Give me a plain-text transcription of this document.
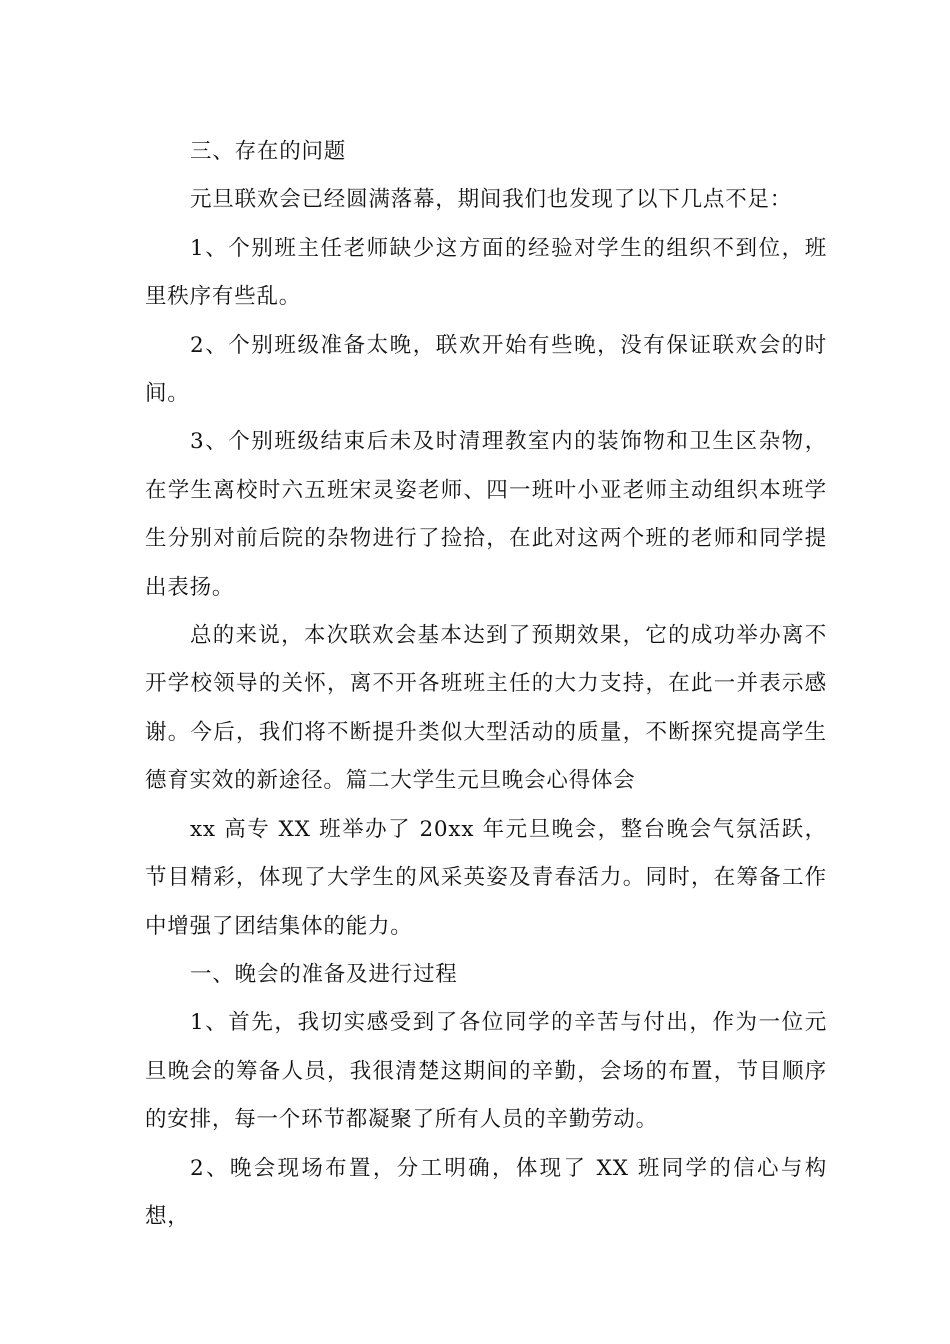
三、存在的问题

元旦联欢会已经圆满落幕，期间我们也发现了以下几点不足：

1、个别班主任老师缺少这方面的经验对学生的组织不到位，班里秩序有些乱。

2、个别班级准备太晚，联欢开始有些晚，没有保证联欢会的时间。

3、个别班级结束后未及时清理教室内的装饰物和卫生区杂物，在学生离校时六五班宋灵姿老师、四一班叶小亚老师主动组织本班学生分别对前后院的杂物进行了捡拾，在此对这两个班的老师和同学提出表扬。

总的来说，本次联欢会基本达到了预期效果，它的成功举办离不开学校领导的关怀，离不开各班班主任的大力支持，在此一并表示感谢。今后，我们将不断提升类似大型活动的质量，不断探究提高学生德育实效的新途径。篇二大学生元旦晚会心得体会

xx 高专 XX 班举办了 20xx 年元旦晚会，整台晚会气氛活跃，节目精彩，体现了大学生的风采英姿及青春活力。同时，在筹备工作中增强了团结集体的能力。

一、晚会的准备及进行过程

1、首先，我切实感受到了各位同学的辛苦与付出，作为一位元旦晚会的筹备人员，我很清楚这期间的辛勤，会场的布置，节目顺序的安排，每一个环节都凝聚了所有人员的辛勤劳动。

2、晚会现场布置，分工明确，体现了 XX 班同学的信心与构想，
